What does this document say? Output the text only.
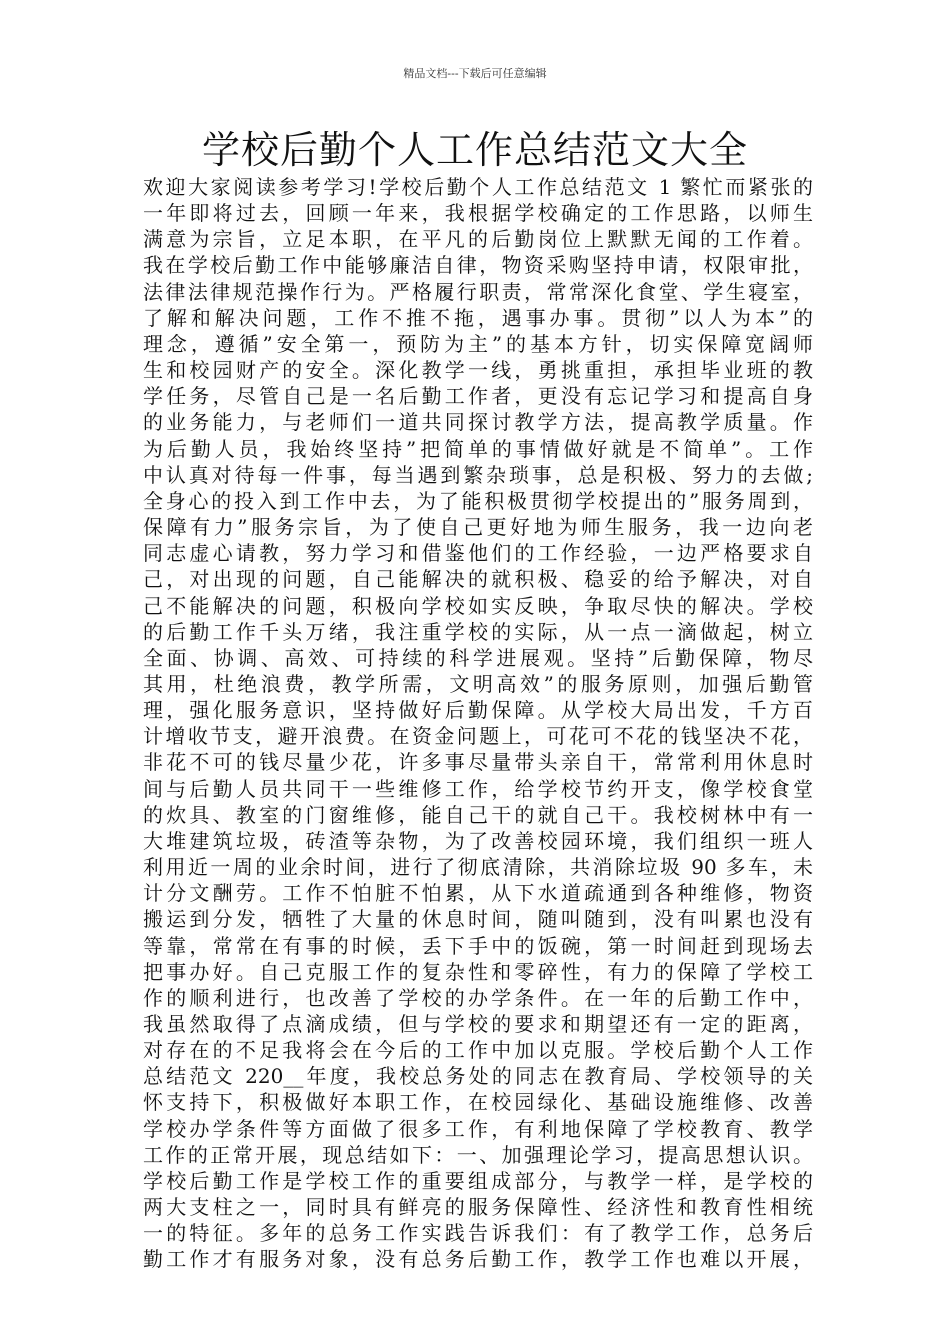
精品文档---下载后可任意编辑
学校后勤个人工作总结范文大全
欢迎大家阅读参考学习!学校后勤个人工作总结范文 1 繁忙而紧张的
一年即将过去，回顾一年来，我根据学校确定的工作思路，以师生
满意为宗旨，立足本职，在平凡的后勤岗位上默默无闻的工作着。
我在学校后勤工作中能够廉洁自律，物资采购坚持申请，权限审批，
法律法律规范操作行为。严格履行职责，常常深化食堂、学生寝室，
了解和解决问题，工作不推不拖，遇事办事。贯彻”以人为本”的
理念，遵循”安全第一，预防为主”的基本方针，切实保障宽阔师
生和校园财产的安全。深化教学一线，勇挑重担，承担毕业班的教
学任务，尽管自己是一名后勤工作者，更没有忘记学习和提高自身
的业务能力，与老师们一道共同探讨教学方法，提高教学质量。作
为后勤人员，我始终坚持”把简单的事情做好就是不简单”。工作
中认真对待每一件事，每当遇到繁杂琐事，总是积极、努力的去做;
全身心的投入到工作中去，为了能积极贯彻学校提出的”服务周到，
保障有力”服务宗旨，为了使自己更好地为师生服务，我一边向老
同志虚心请教，努力学习和借鉴他们的工作经验，一边严格要求自
己，对出现的问题，自己能解决的就积极、稳妥的给予解决，对自
己不能解决的问题，积极向学校如实反映，争取尽快的解决。学校
的后勤工作千头万绪，我注重学校的实际，从一点一滴做起，树立
全面、协调、高效、可持续的科学进展观。坚持”后勤保障，物尽
其用，杜绝浪费，教学所需，文明高效”的服务原则，加强后勤管
理，强化服务意识，坚持做好后勤保障。从学校大局出发，千方百
计增收节支，避开浪费。在资金问题上，可花可不花的钱坚决不花，
非花不可的钱尽量少花，许多事尽量带头亲自干，常常利用休息时
间与后勤人员共同干一些维修工作，给学校节约开支，像学校食堂
的炊具、教室的门窗维修，能自己干的就自己干。我校树林中有一
大堆建筑垃圾，砖渣等杂物，为了改善校园环境，我们组织一班人
利用近一周的业余时间，进行了彻底清除，共消除垃圾 90 多车，未
计分文酬劳。工作不怕脏不怕累，从下水道疏通到各种维修，物资
搬运到分发，牺牲了大量的休息时间，随叫随到，没有叫累也没有
等靠，常常在有事的时候，丢下手中的饭碗，第一时间赶到现场去
把事办好。自己克服工作的复杂性和零碎性，有力的保障了学校工
作的顺利进行，也改善了学校的办学条件。在一年的后勤工作中，
我虽然取得了点滴成绩，但与学校的要求和期望还有一定的距离，
对存在的不足我将会在今后的工作中加以克服。学校后勤个人工作
总结范文 220__年度，我校总务处的同志在教育局、学校领导的关
怀支持下，积极做好本职工作，在校园绿化、基础设施维修、改善
学校办学条件等方面做了很多工作，有利地保障了学校教育、教学
工作的正常开展，现总结如下：一、加强理论学习，提高思想认识。
学校后勤工作是学校工作的重要组成部分，与教学一样，是学校的
两大支柱之一，同时具有鲜亮的服务保障性、经济性和教育性相统
一的特征。多年的总务工作实践告诉我们：有了教学工作，总务后
勤工作才有服务对象，没有总务后勤工作，教学工作也难以开展，
